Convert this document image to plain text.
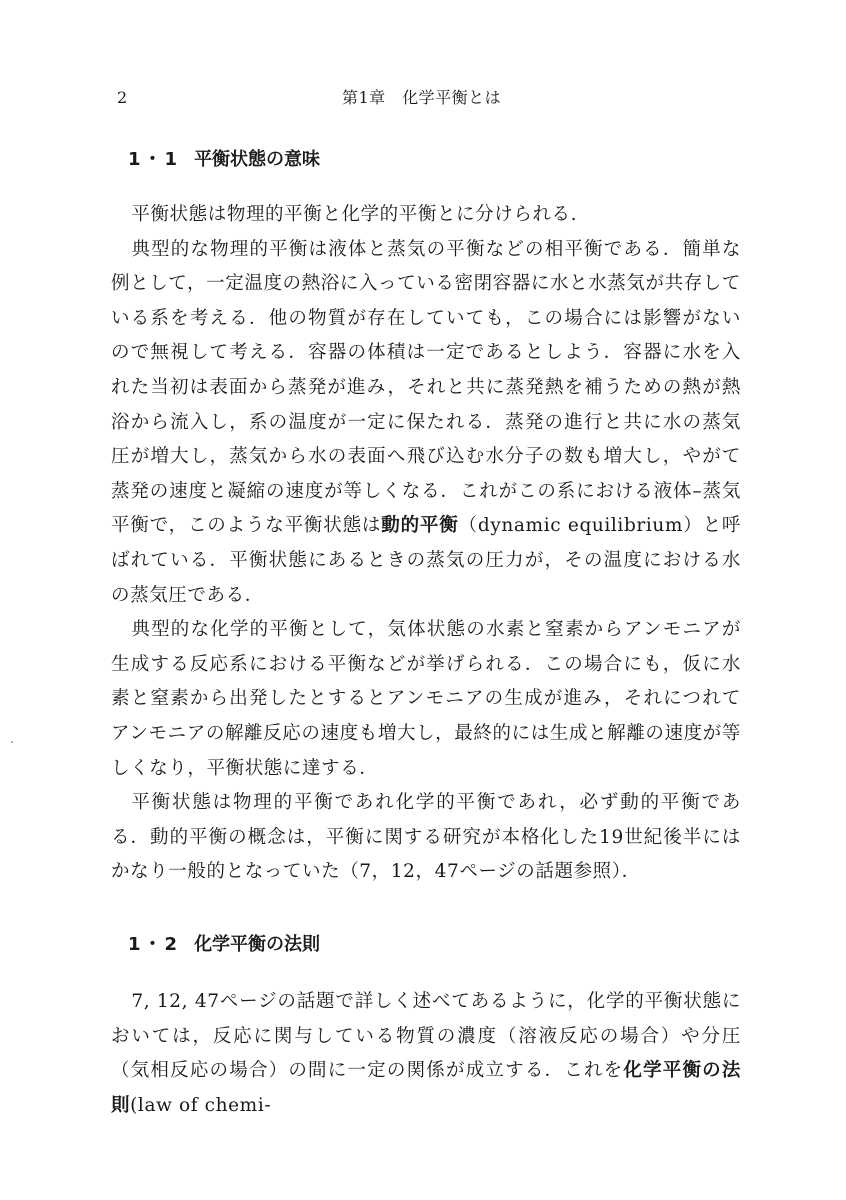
2	第1章　化学平衡とは
1・1 平衡状態の意味

平衡状態は物理的平衡と化学的平衡とに分けられる.

典型的な物理的平衡は液体と蒸気の平衡などの相平衡である．簡単な例として，一定温度の熱浴に入っている密閉容器に水と水蒸気が共存している系を考える．他の物質が存在していても，この場合には影響がないので無視して考える．容器の体積は一定であるとしよう．容器に水を入れた当初は表面から蒸発が進み，それと共に蒸発熱を補うための熱が熱浴から流入し，系の温度が一定に保たれる．蒸発の進行と共に水の蒸気圧が増大し，蒸気から水の表面へ飛び込む水分子の数も増大し，やがて蒸発の速度と凝縮の速度が等しくなる．これがこの系における液体–蒸気平衡で，このような平衡状態は動的平衡（dynamic equilibrium）と呼ばれている．平衡状態にあるときの蒸気の圧力が，その温度における水の蒸気圧である．

典型的な化学的平衡として，気体状態の水素と窒素からアンモニアが生成する反応系における平衡などが挙げられる．この場合にも，仮に水素と窒素から出発したとするとアンモニアの生成が進み，それにつれてアンモニアの解離反応の速度も増大し，最終的には生成と解離の速度が等しくなり，平衡状態に達する．

平衡状態は物理的平衡であれ化学的平衡であれ，必ず動的平衡である．動的平衡の概念は，平衡に関する研究が本格化した19世紀後半にはかなり一般的となっていた（7，12，47ページの話題参照）．

1・2 化学平衡の法則

7, 12, 47ページの話題で詳しく述べてあるように，化学的平衡状態においては，反応に関与している物質の濃度（溶液反応の場合）や分圧（気相反応の場合）の間に一定の関係が成立する．これを化学平衡の法則(law of chemi-
